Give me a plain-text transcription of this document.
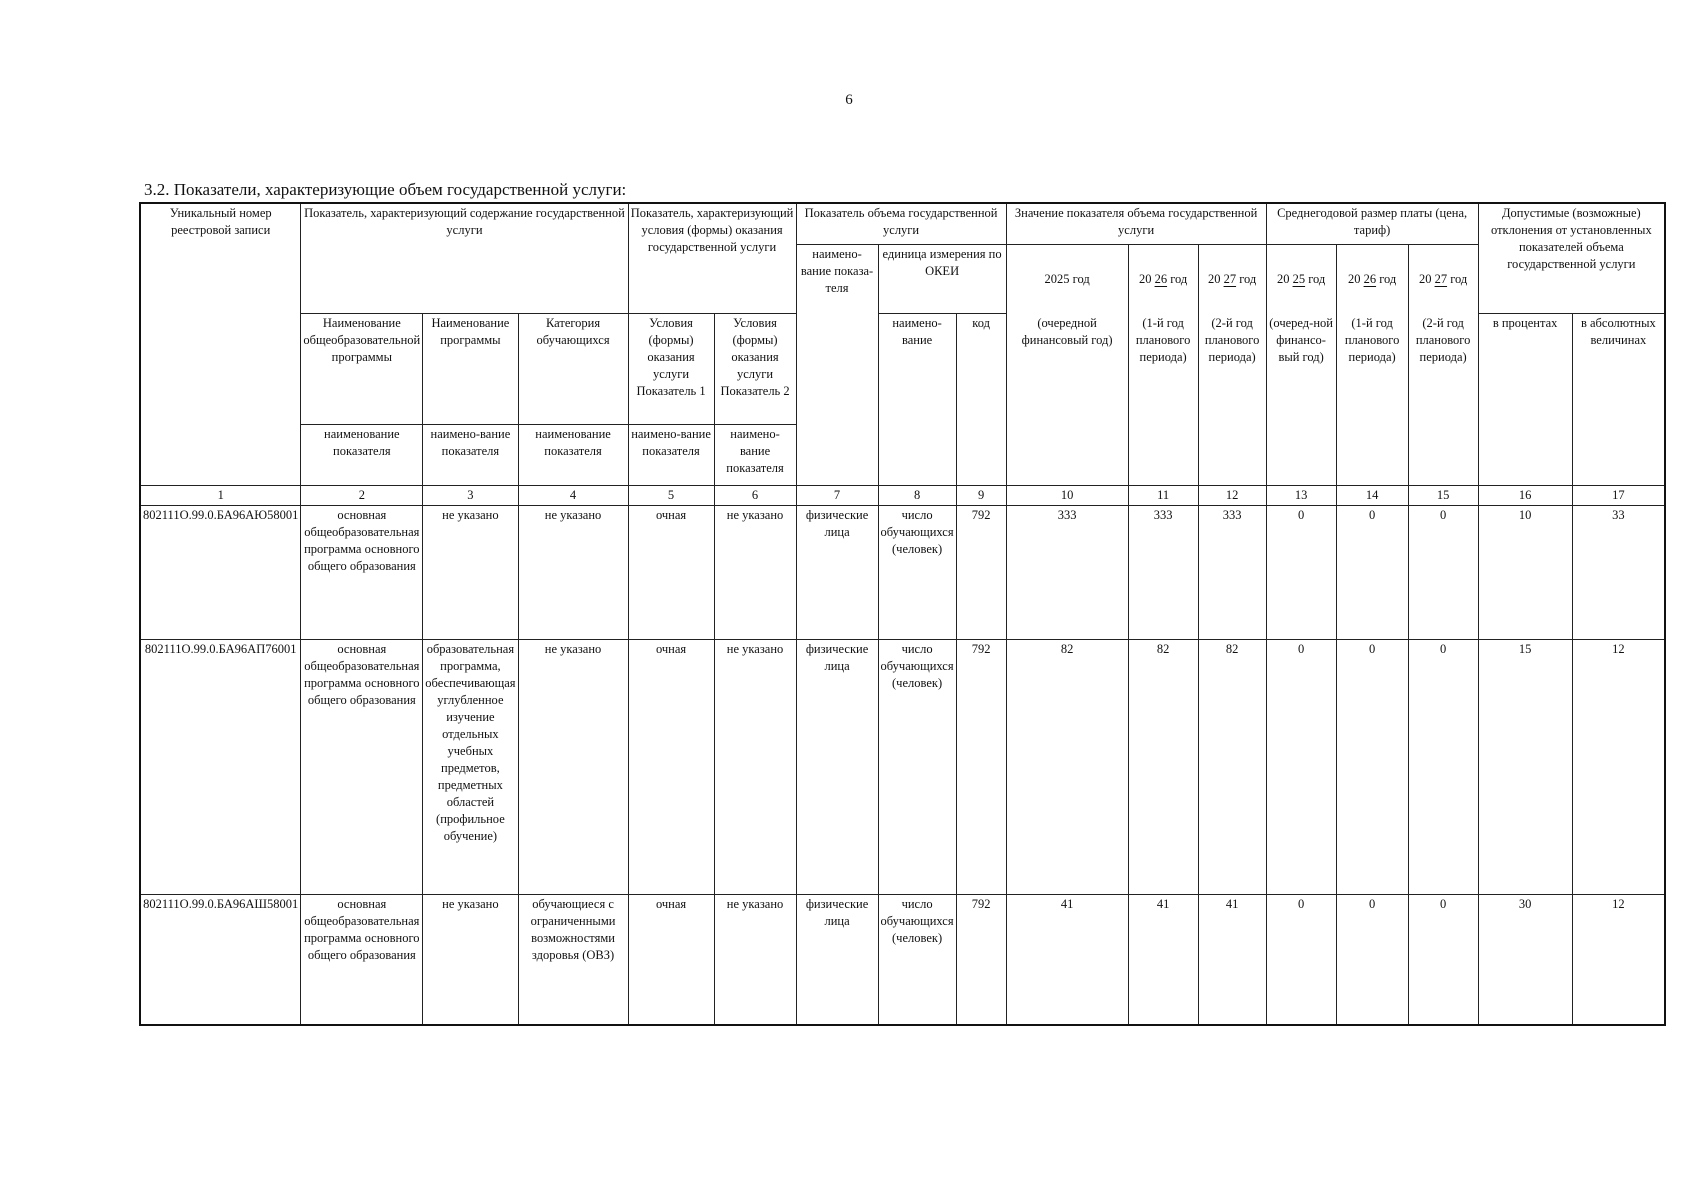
6
3.2. Показатели, характеризующие объем государственной услуги:
Уникальный номер реестровой записи	Показатель, характеризующий содержание государственной услуги			Показатель, характеризующий условия (формы) оказания государственной услуги		Показатель объема государственной услуги			Значение показателя объема государственной услуги			Среднегодовой размер платы (цена, тариф)			Допустимые (возможные) отклонения от установленных показателей объема государственной услуги	
						наимено-вание показа-теля	единица измерения по ОКЕИ		2025 год	20 26 год	20 27 год	20 25 год	20 26 год	20 27 год		
	Наименование общеобразовательной программы	Наименование программы	Категория обучающихся	Условия (формы) оказания услуги Показатель 1	Условия (формы) оказания услуги Показатель 2		наимено-вание	код	(очередной финансовый год)	(1-й год планового периода)	(2-й год планового периода)	(очеред-ной финансо-вый год)	(1-й год планового периода)	(2-й год планового периода)	в процентах	в абсолютных величинах
	наименование показателя	наимено-вание показателя	наименование показателя	наимено-вание показателя	наимено-вание показателя											
1	2	3	4	5	6	7	8	9	10	11	12	13	14	15	16	17
802111О.99.0.БА96АЮ58001	основная общеобразовательная программа основного общего образования	не указано	не указано	очная	не указано	физические лица	число обучающихся (человек)	792	333	333	333	0	0	0	10	33
802111О.99.0.БА96АП76001	основная общеобразовательная программа основного общего образования	образовательная программа, обеспечивающая углубленное изучение отдельных учебных предметов, предметных областей (профильное обучение)	не указано	очная	не указано	физические лица	число обучающихся (человек)	792	82	82	82	0	0	0	15	12
802111О.99.0.БА96АШ58001	основная общеобразовательная программа основного общего образования	не указано	обучающиеся с ограниченными возможностями здоровья (ОВЗ)	очная	не указано	физические лица	число обучающихся (человек)	792	41	41	41	0	0	0	30	12
